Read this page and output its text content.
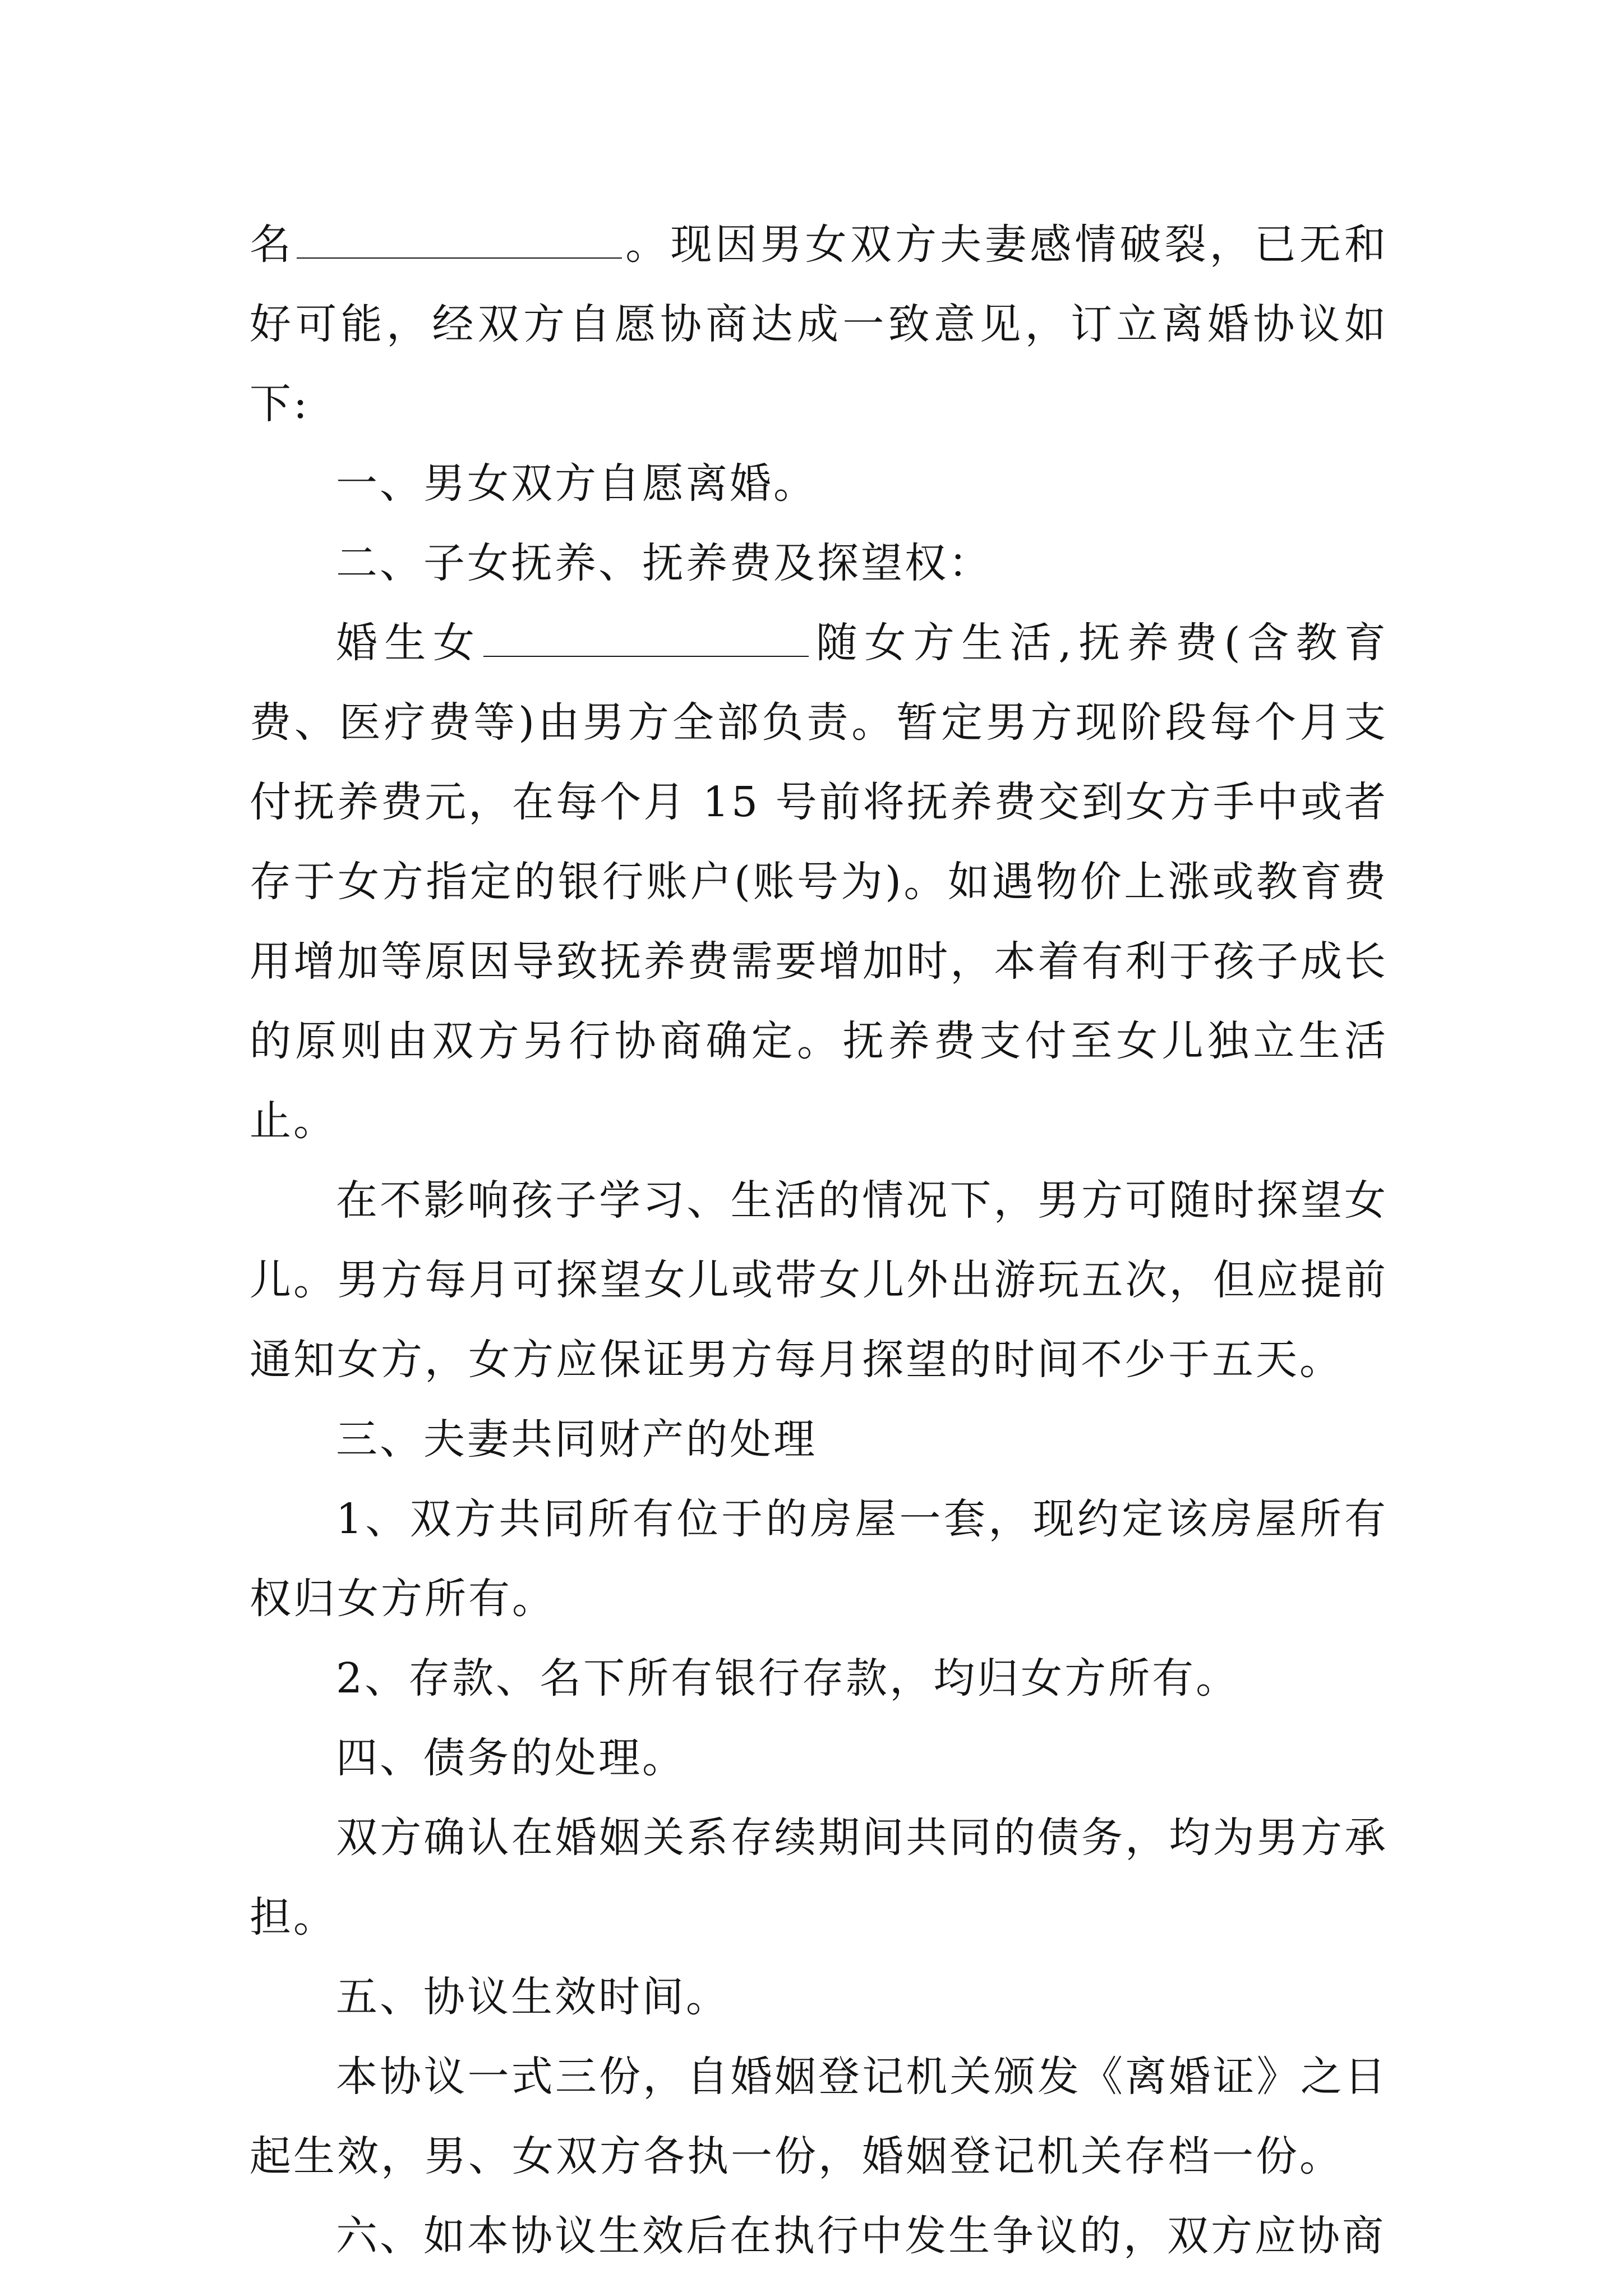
名	。现因男女双方夫妻感情破裂，已无和好可能，经双方自愿协商达成一致意见，订立离婚协议如下:

一、男女双方自愿离婚。

二、子女抚养、抚养费及探望权：

婚生女	随女方生活,抚养费(含教育费、医疗费等)由男方全部负责。暂定男方现阶段每个月支付抚养费元，在每个月 15 号前将抚养费交到女方手中或者存于女方指定的银行账户(账号为)。如遇物价上涨或教育费用增加等原因导致抚养费需要增加时，本着有利于孩子成长的原则由双方另行协商确定。抚养费支付至女儿独立生活止。

在不影响孩子学习、生活的情况下，男方可随时探望女儿。男方每月可探望女儿或带女儿外出游玩五次，但应提前通知女方，女方应保证男方每月探望的时间不少于五天。

三、夫妻共同财产的处理

1、双方共同所有位于的房屋一套，现约定该房屋所有权归女方所有。

2、存款、名下所有银行存款，均归女方所有。

四、债务的处理。

双方确认在婚姻关系存续期间共同的债务，均为男方承担。

五、协议生效时间。

本协议一式三份，自婚姻登记机关颁发《离婚证》之日起生效，男、女双方各执一份，婚姻登记机关存档一份。

六、如本协议生效后在执行中发生争议的，双方应协商
